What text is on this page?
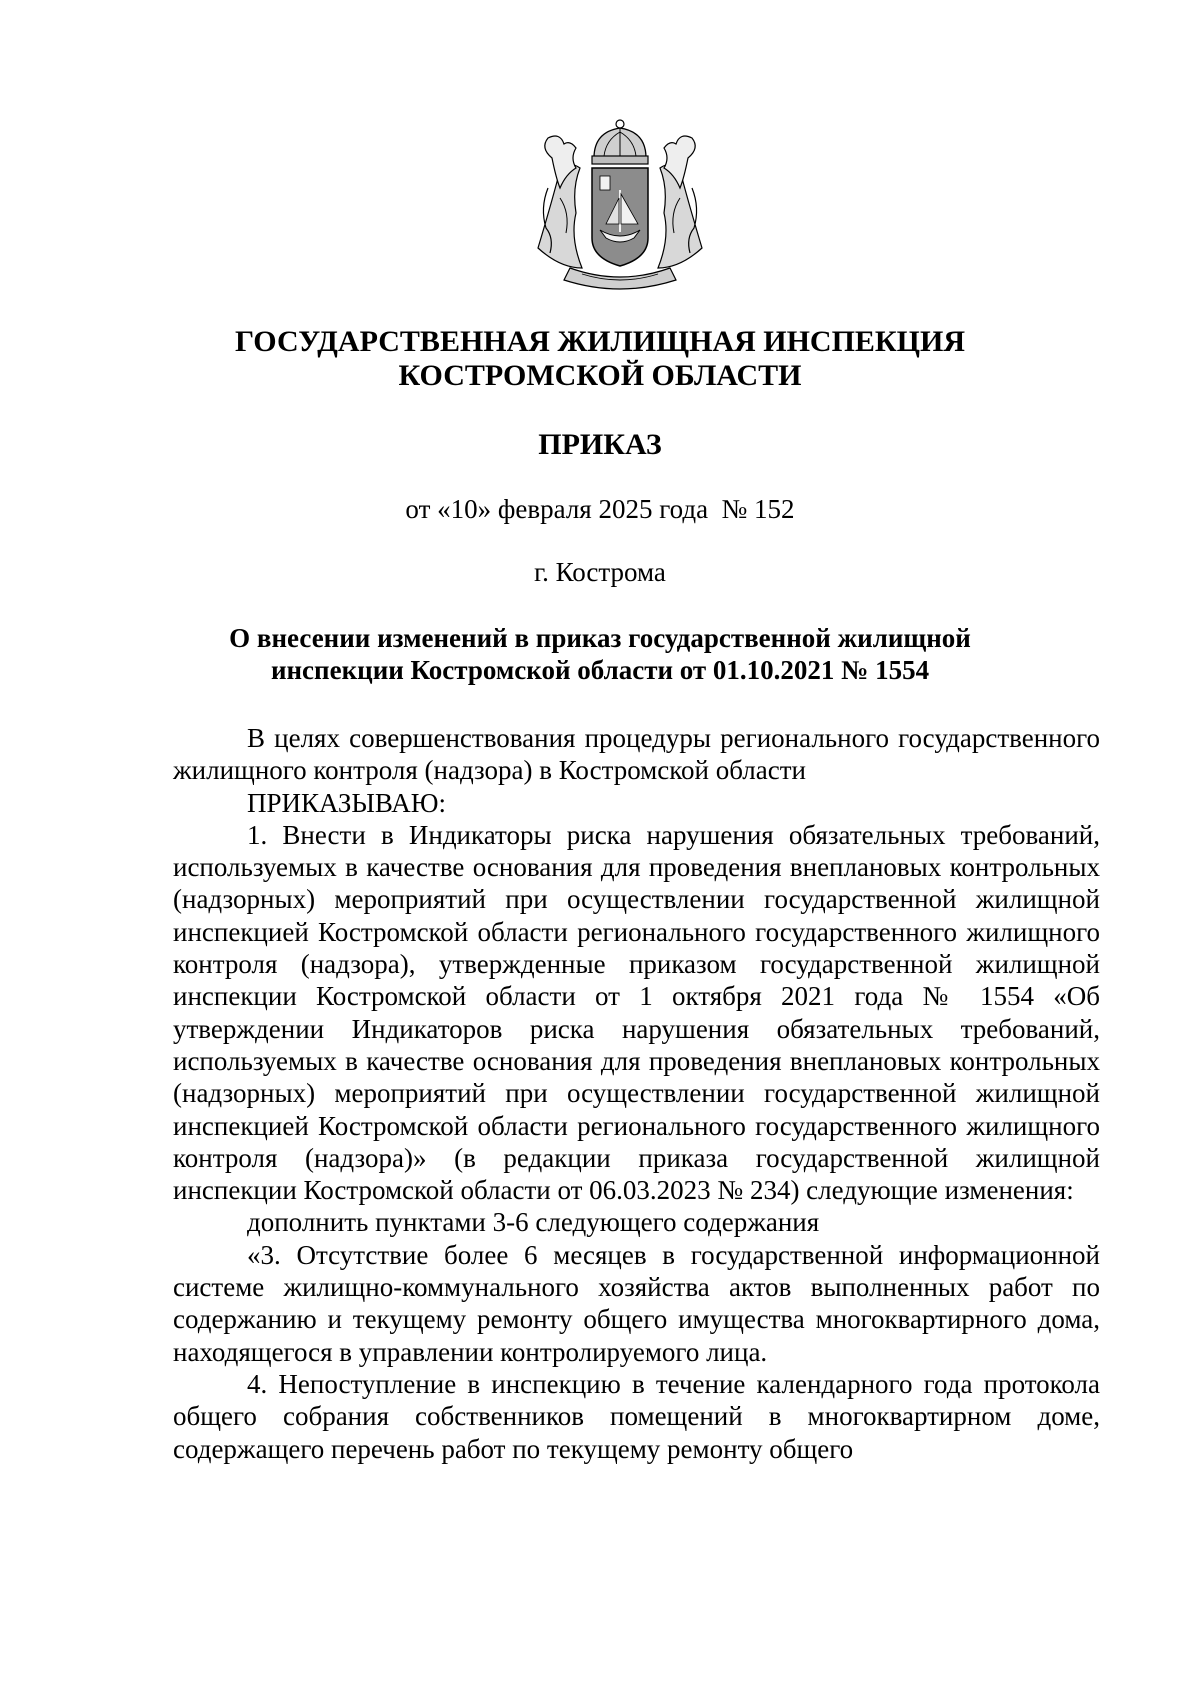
ГОСУДАРСТВЕННАЯ ЖИЛИЩНАЯ ИНСПЕКЦИЯ
КОСТРОМСКОЙ ОБЛАСТИ
ПРИКАЗ
от «10» февраля 2025 года  № 152
г. Кострома
О внесении изменений в приказ государственной жилищной
инспекции Костромской области от 01.10.2021 № 1554

В целях совершенствования процедуры регионального государственного жилищного контроля (надзора) в Костромской области

ПРИКАЗЫВАЮ:

1. Внести в Индикаторы риска нарушения обязательных требований, используемых в качестве основания для проведения внеплановых контрольных (надзорных) мероприятий при осуществлении государственной жилищной инспекцией Костромской области регионального государственного жилищного контроля (надзора), утвержденные приказом государственной жилищной инспекции Костромской области от 1 октября 2021 года № 1554 «Об утверждении Индикаторов риска нарушения обязательных требований, используемых в качестве основания для проведения внеплановых контрольных (надзорных) мероприятий при осуществлении государственной жилищной инспекцией Костромской области регионального государственного жилищного контроля (надзора)» (в редакции приказа государственной жилищной инспекции Костромской области от 06.03.2023 № 234) следующие изменения:

дополнить пунктами 3-6 следующего содержания

«3. Отсутствие более 6 месяцев в государственной информационной системе жилищно-коммунального хозяйства актов выполненных работ по содержанию и текущему ремонту общего имущества многоквартирного дома, находящегося в управлении контролируемого лица.

4. Непоступление в инспекцию в течение календарного года протокола общего собрания собственников помещений в многоквартирном доме, содержащего перечень работ по текущему ремонту общего
